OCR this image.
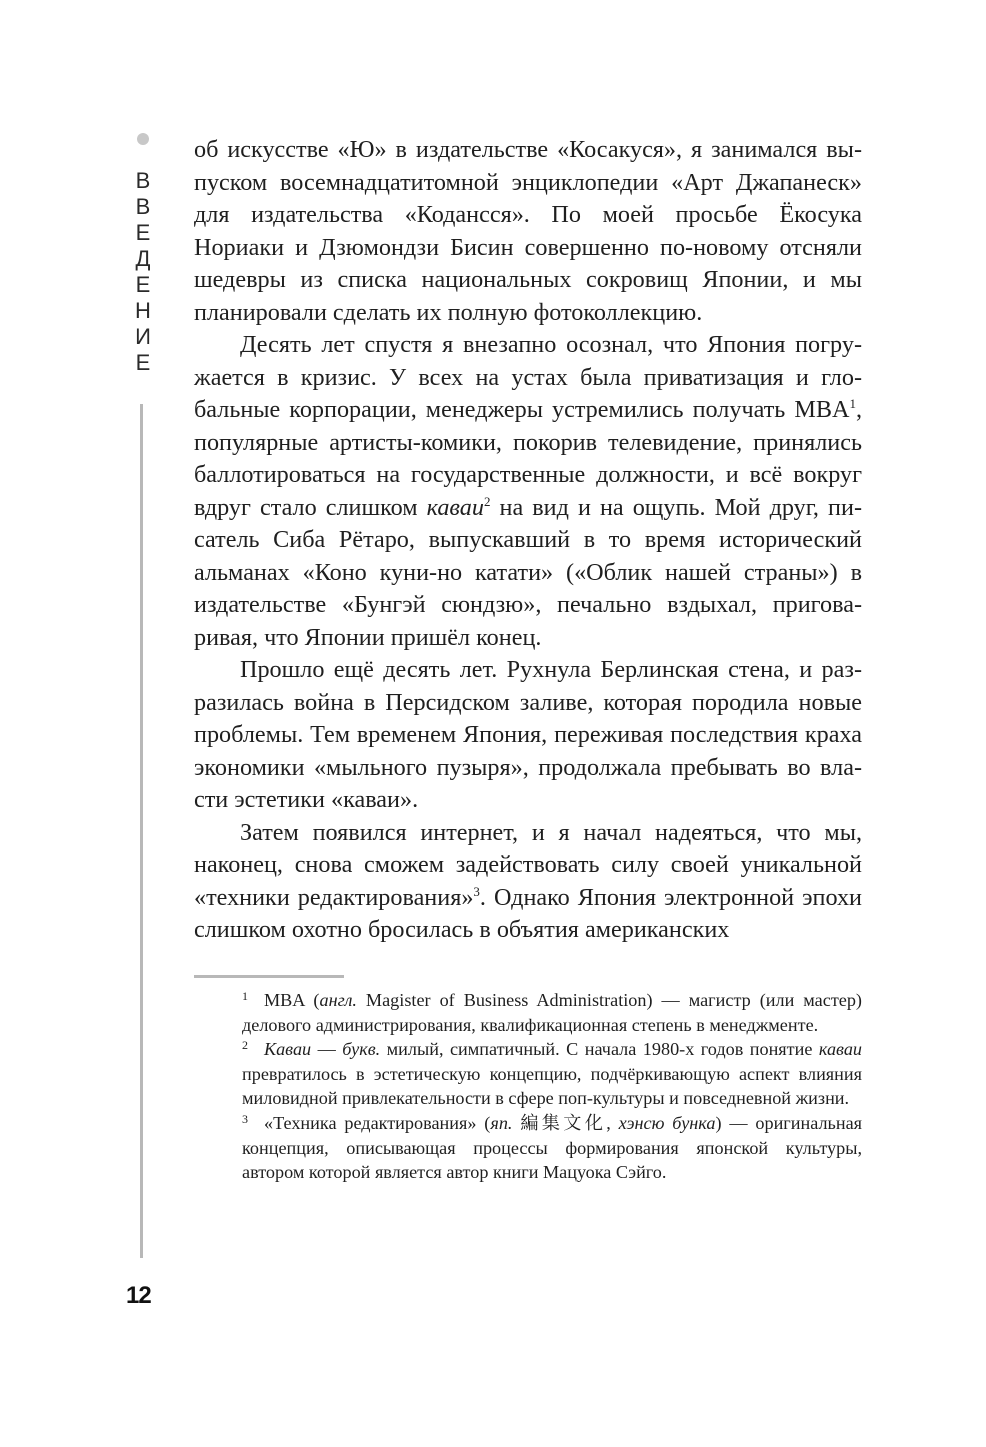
В
В
Е
Д
Е
Н
И
Е
12

об искусстве «Ю» в издательстве «Косакуся», я занимался выпуском восемнадцатитомной энциклопедии «Арт Джапанеск» для издательства «Кодансся». По моей просьбе Ёкосука Нориаки и Дзюмондзи Бисин совершенно по-новому отсняли шедевры из списка национальных сокровищ Японии, и мы планировали сделать их полную фотоколлекцию.

Десять лет спустя я внезапно осознал, что Япония погружается в кризис. У всех на устах была приватизация и глобальные корпорации, менеджеры устремились получать MBA$^1$, популярные артисты-комики, покорив телевидение, принялись баллотироваться на государственные должности, и всё вокруг вдруг стало слишком каваи$^2$ на вид и на ощупь. Мой друг, писатель Сиба Рётаро, выпускавший в то время исторический альманах «Коно куни-но катати» («Облик нашей страны») в издательстве «Бунгэй сюндзю», печально вздыхал, приговаривая, что Японии пришёл конец.

Прошло ещё десять лет. Рухнула Берлинская стена, и разразилась война в Персидском заливе, которая породила новые проблемы. Тем временем Япония, переживая последствия краха экономики «мыльного пузыря», продолжала пребывать во власти эстетики «каваи».

Затем появился интернет, и я начал надеяться, что мы, наконец, снова сможем задействовать силу своей уникальной «техники редактирования»$^3$. Однако Япония электронной эпохи слишком охотно бросилась в объятия американских

1 MBA (англ. Magister of Business Administration) — магистр (или мастер) делового администрирования, квалификационная степень в менеджменте.

2 Каваи — букв. милый, симпатичный. С начала 1980-х годов понятие каваи превратилось в эстетическую концепцию, подчёркивающую аспект влияния миловидной привлекательности в сфере поп-культуры и повседневной жизни.

3 «Техника редактирования» (яп. 編集文化, хэнсю бунка) — оригинальная концепция, описывающая процессы формирования японской культуры, автором которой является автор книги Мацуока Сэйго.
